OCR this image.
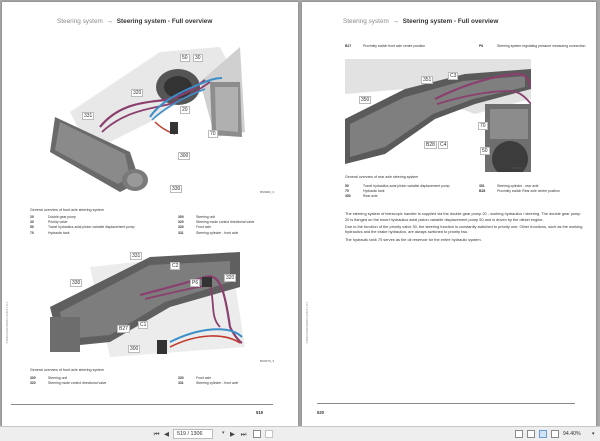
Steering system → Steering system - Full overview
50	30
320
20
331
70
300
330	BS0982_3
General overview of front axle steering system
20	Double gear pump
30	Priority valve
50	Travel hydraulics axial piston variable displacement pump
70	Hydraulic tank
300	Steering unit
320	Steering mode control directional valve
330	Front axle
331	Steering cylinder - front axle
331
C2
330	P6
320
B27
C1
300
BS0979_3
General overview of front axle steering system
300	Steering unit
320	Steering mode control directional valve
330	Front axle
331	Steering cylinder - front axle
PI4SG100AT048CH.04C1.HT1
519
Steering system → Steering system - Full overview
B27	Proximity switch front axle centre position	P6	Steering system regulating pressure measuring connection
C3
351
350
70
B28	C4
50
BS0980_3
General overview of rear axle steering system
50	Travel hydraulics axial piston variable displacement pump
70	Hydraulic tank
350	Rear axle
351	Steering cylinder - rear axle
B28	Proximity switch Rear axle centre position

The steering system of telescopic handler is supplied via the double gear pump 20 - working hydraulics / steering. The double gear pump 20 is flanged on the travel hydraulics axial piston variable displacement pump 50 and is driven by the diesel engine.

Due to the function of the priority valve 30, the steering function is constantly switched to priority one. Other functions, such as the working hydraulics and the brake hydraulics, are always switched to priority two.

The hydraulic tank 70 serves as the oil reservoir for the entire hydraulic system.

PI4SG100AT048CH.04C1.HT1
520
⏮ ◀	519 / 1306	▾ ▶ ⏭	94.40% ▾
